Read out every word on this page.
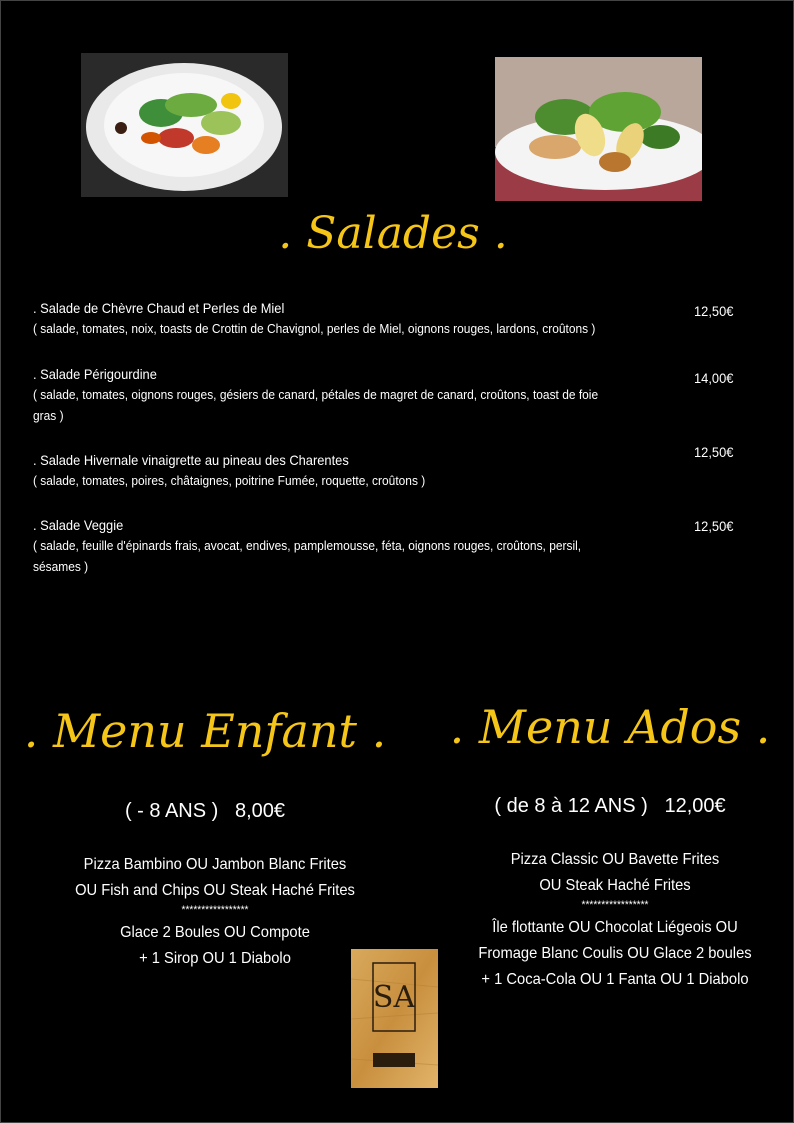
. Salades .
. Salade de Chèvre Chaud et Perles de Miel
( salade, tomates, noix, toasts de Crottin de Chavignol, perles de Miel, oignons rouges, lardons, croûtons )
12,50€
. Salade Périgourdine
( salade, tomates, oignons rouges, gésiers de canard, pétales de magret de canard, croûtons, toast de foie
gras )
14,00€
. Salade Hivernale vinaigrette au pineau des Charentes
( salade, tomates, poires, châtaignes, poitrine Fumée, roquette, croûtons )
12,50€
. Salade Veggie
( salade, feuille d'épinards frais, avocat, endives, pamplemousse, féta, oignons rouges, croûtons, persil,
sésames )
12,50€
. Menu Enfant .
( - 8 ANS )   8,00€
Pizza Bambino OU Jambon Blanc Frites
OU Fish and Chips OU Steak Haché Frites
*****************
Glace 2 Boules OU Compote
+ 1 Sirop OU 1 Diabolo
. Menu Ados .
( de 8 à 12 ANS )   12,00€
Pizza Classic OU Bavette Frites
OU Steak Haché Frites
*****************
Île flottante OU Chocolat Liégeois OU
Fromage Blanc Coulis OU Glace 2 boules
+ 1 Coca-Cola OU 1 Fanta OU 1 Diabolo
SA
